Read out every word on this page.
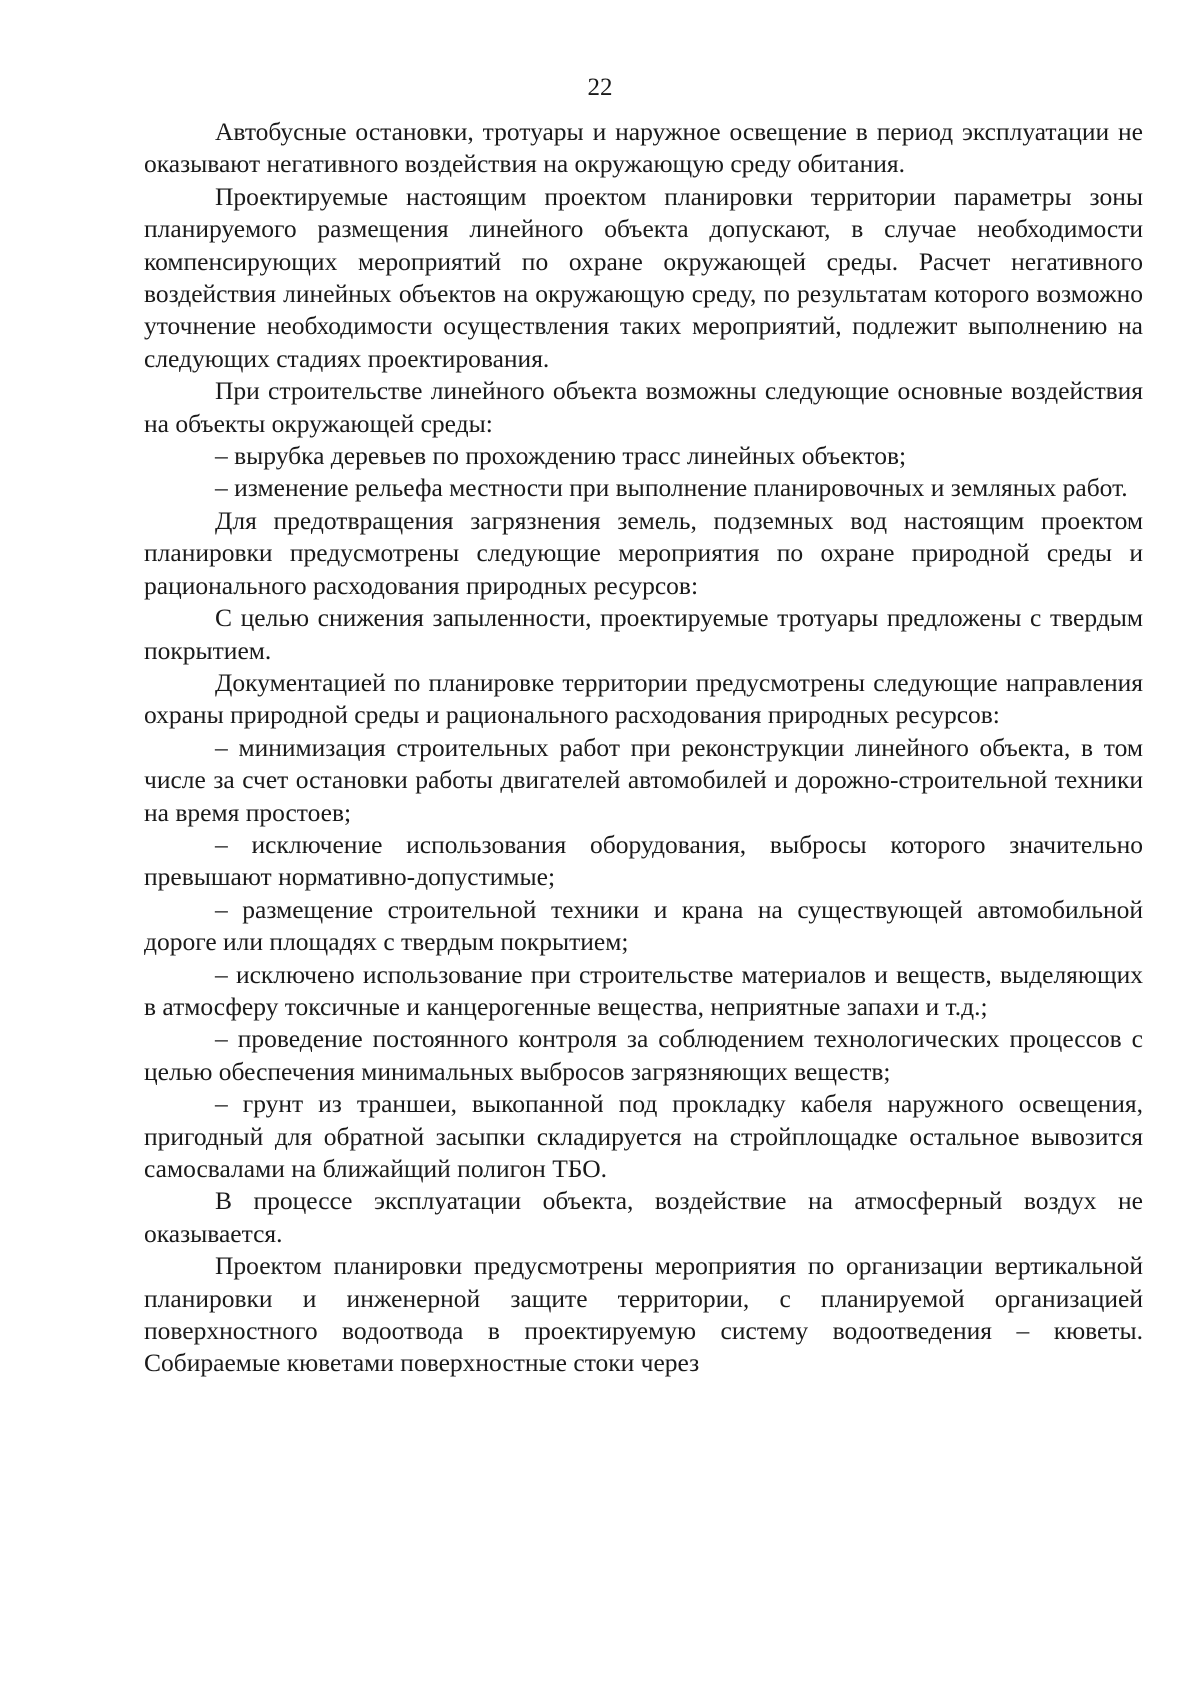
22

Автобусные остановки, тротуары и наружное освещение в период эксплуатации не оказывают негативного воздействия на окружающую среду обитания.

Проектируемые настоящим проектом планировки территории параметры зоны планируемого размещения линейного объекта допускают, в случае необходимости компенсирующих мероприятий по охране окружающей среды. Расчет негативного воздействия линейных объектов на окружающую среду, по результатам которого возможно уточнение необходимости осуществления таких мероприятий, подлежит выполнению на следующих стадиях проектирования.

При строительстве линейного объекта возможны следующие основные воздействия на объекты окружающей среды:

– вырубка деревьев по прохождению трасс линейных объектов;

– изменение рельефа местности при выполнение планировочных и земляных работ.

Для предотвращения загрязнения земель, подземных вод настоящим проектом планировки предусмотрены следующие мероприятия по охране природной среды и рационального расходования природных ресурсов:

С целью снижения запыленности, проектируемые тротуары предложены с твердым покрытием.

Документацией по планировке территории предусмотрены следующие направления охраны природной среды и рационального расходования природных ресурсов:

– минимизация строительных работ при реконструкции линейного объекта, в том числе за счет остановки работы двигателей автомобилей и дорожно-строительной техники на время простоев;

– исключение использования оборудования, выбросы которого значительно превышают нормативно-допустимые;

– размещение строительной техники и крана на существующей автомобильной дороге или площадях с твердым покрытием;

– исключено использование при строительстве материалов и веществ, выделяющих в атмосферу токсичные и канцерогенные вещества, неприятные запахи и т.д.;

– проведение постоянного контроля за соблюдением технологических процессов с целью обеспечения минимальных выбросов загрязняющих веществ;

– грунт из траншеи, выкопанной под прокладку кабеля наружного освещения, пригодный для обратной засыпки складируется на стройплощадке остальное вывозится самосвалами на ближайщий полигон ТБО.

В процессе эксплуатации объекта, воздействие на атмосферный воздух не оказывается.

Проектом планировки предусмотрены мероприятия по организации вертикальной планировки и инженерной защите территории, с планируемой организацией поверхностного водоотвода в проектируемую систему водоотведения – кюветы. Собираемые кюветами поверхностные стоки через
